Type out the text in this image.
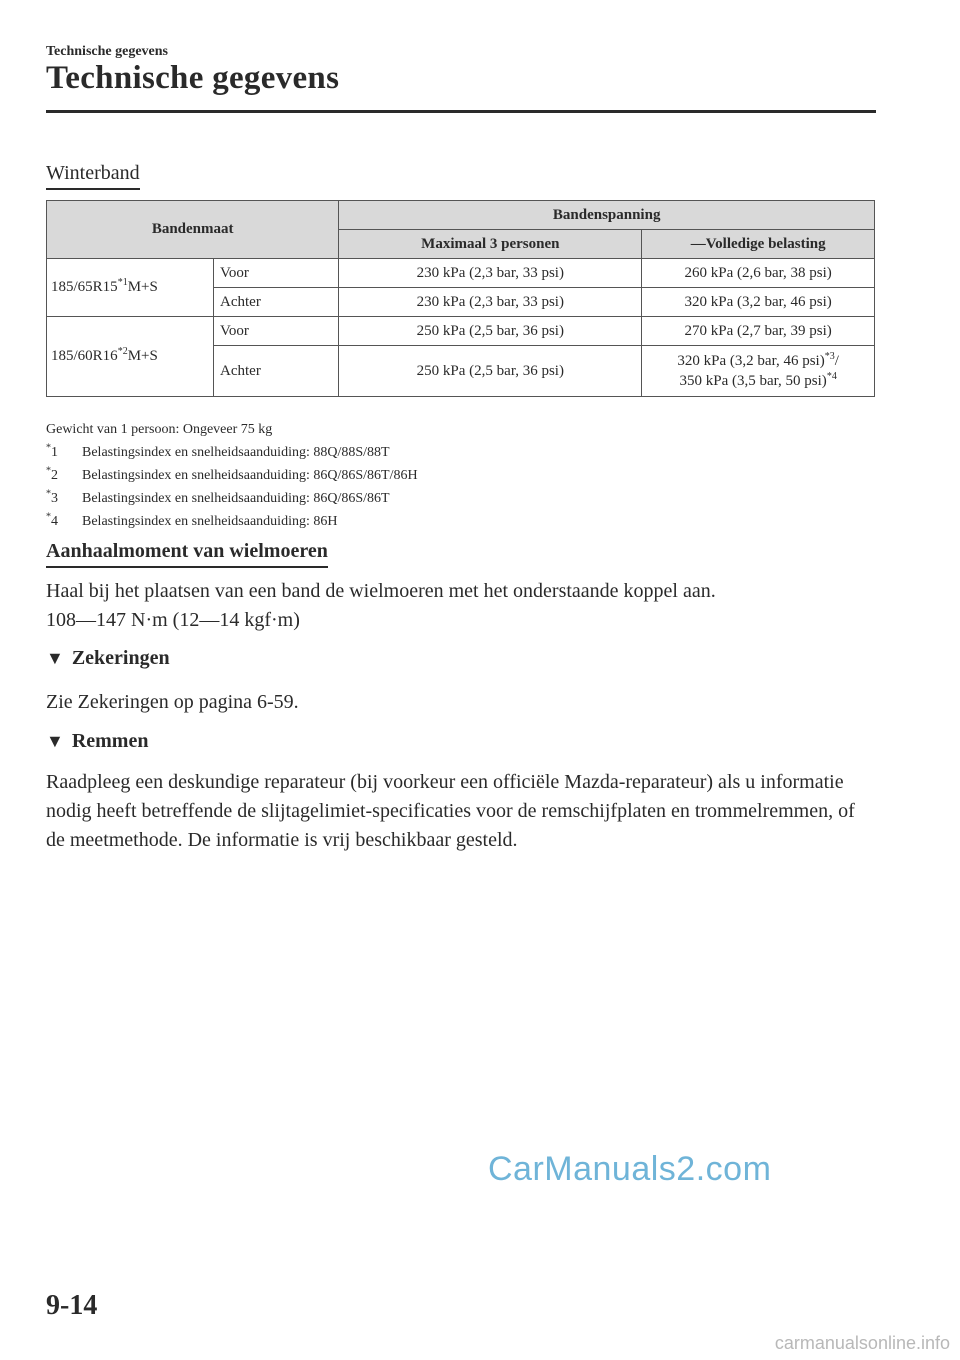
Technische gegevens
Technische gegevens
Winterband
Bandenmaat		Bandenspanning	
		Maximaal 3 personen	—Volledige belasting
$185/65R15^{*1}M+S$	Voor	230 kPa (2,3 bar, 33 psi)	260 kPa (2,6 bar, 38 psi)
	Achter	230 kPa (2,3 bar, 33 psi)	320 kPa (3,2 bar, 46 psi)
$185/60R16^{*2}M+S$	Voor	250 kPa (2,5 bar, 36 psi)	270 kPa (2,7 bar, 39 psi)
	Achter	250 kPa (2,5 bar, 36 psi)	320 kPa (3,2 bar, 46 psi)$^{*3}$/
350 kPa (3,5 bar, 50 psi)$^{*4}$
Gewicht van 1 persoon: Ongeveer 75 kg
*1	Belastingsindex en snelheidsaanduiding: 88Q/88S/88T
*2	Belastingsindex en snelheidsaanduiding: 86Q/86S/86T/86H
*3	Belastingsindex en snelheidsaanduiding: 86Q/86S/86T
*4	Belastingsindex en snelheidsaanduiding: 86H
Aanhaalmoment van wielmoeren
Haal bij het plaatsen van een band de wielmoeren met het onderstaande koppel aan.
108—147 N·m (12—14 kgf·m)
▼ Zekeringen
Zie Zekeringen op pagina 6-59.
▼ Remmen
Raadpleeg een deskundige reparateur (bij voorkeur een officiële Mazda-reparateur) als u informatie nodig heeft betreffende de slijtagelimiet-specificaties voor de remschijfplaten en trommelremmen, of de meetmethode. De informatie is vrij beschikbaar gesteld.
CarManuals2.com
9-14
carmanualsonline.info
